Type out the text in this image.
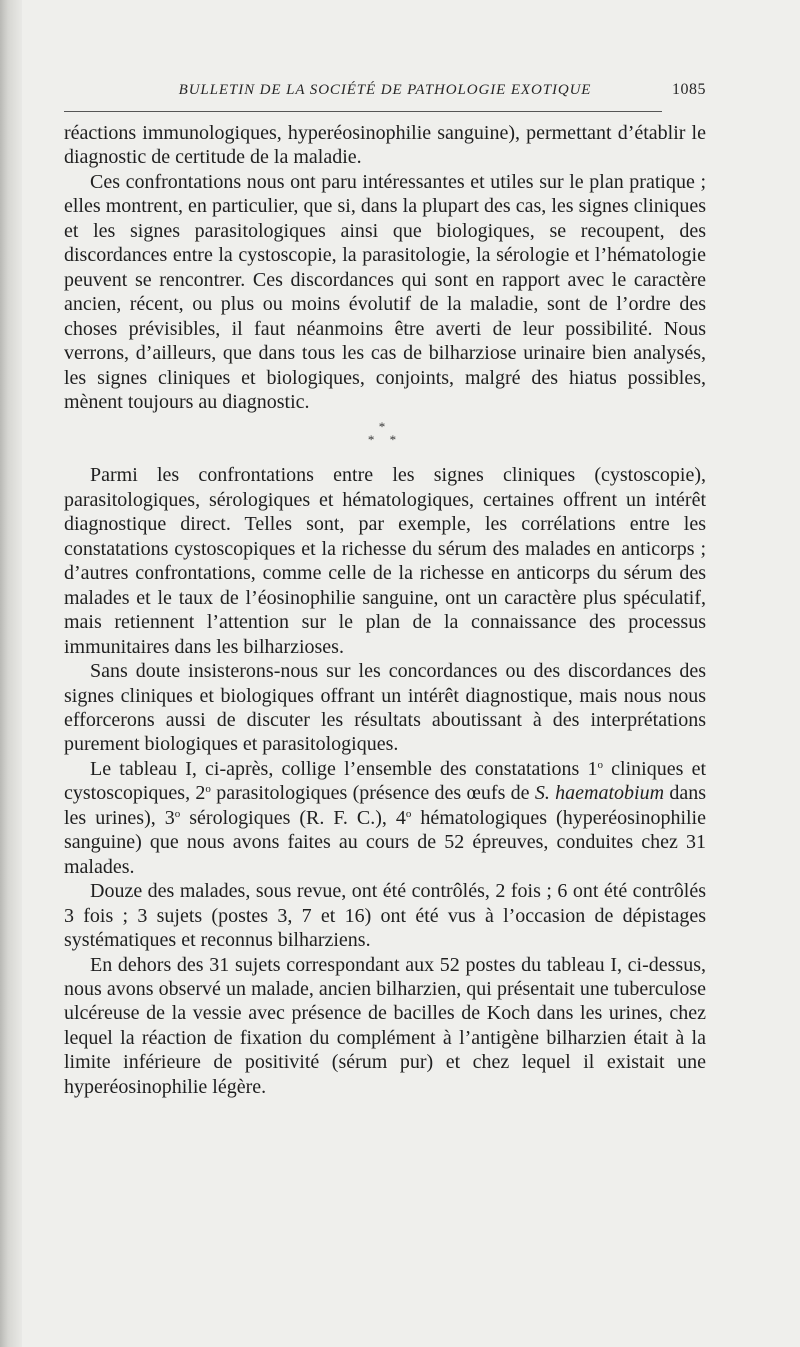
BULLETIN DE LA SOCIÉTÉ DE PATHOLOGIE EXOTIQUE	1085

réactions immunologiques, hyperéosinophilie sanguine), permettant d’établir le diagnostic de certitude de la maladie.

Ces confrontations nous ont paru intéressantes et utiles sur le plan pratique ; elles montrent, en particulier, que si, dans la plupart des cas, les signes cliniques et les signes parasitologiques ainsi que biologiques, se recoupent, des discordances entre la cystoscopie, la parasitologie, la sérologie et l’hématologie peuvent se rencontrer. Ces discordances qui sont en rapport avec le caractère ancien, récent, ou plus ou moins évolutif de la maladie, sont de l’ordre des choses prévisibles, il faut néanmoins être averti de leur possibilité. Nous verrons, d’ailleurs, que dans tous les cas de bilharziose urinaire bien analysés, les signes cliniques et biologiques, conjoints, malgré des hiatus possibles, mènent toujours au diagnostic.

*
* *

Parmi les confrontations entre les signes cliniques (cystoscopie), parasitologiques, sérologiques et hématologiques, certaines offrent un intérêt diagnostique direct. Telles sont, par exemple, les corrélations entre les constatations cystoscopiques et la richesse du sérum des malades en anticorps ; d’autres confrontations, comme celle de la richesse en anticorps du sérum des malades et le taux de l’éosinophilie sanguine, ont un caractère plus spéculatif, mais retiennent l’attention sur le plan de la connaissance des processus immunitaires dans les bilharzioses.

Sans doute insisterons-nous sur les concordances ou des discordances des signes cliniques et biologiques offrant un intérêt diagnostique, mais nous nous efforcerons aussi de discuter les résultats aboutissant à des interprétations purement biologiques et parasitologiques.

Le tableau I, ci-après, collige l’ensemble des constatations 1$^o$ cliniques et cystoscopiques, 2$^o$ parasitologiques (présence des œufs de S. haematobium dans les urines), 3$^o$ sérologiques (R. F. C.), 4$^o$ hématologiques (hyperéosinophilie sanguine) que nous avons faites au cours de 52 épreuves, conduites chez 31 malades.

Douze des malades, sous revue, ont été contrôlés, 2 fois ; 6 ont été contrôlés 3 fois ; 3 sujets (postes 3, 7 et 16) ont été vus à l’occasion de dépistages systématiques et reconnus bilharziens.

En dehors des 31 sujets correspondant aux 52 postes du tableau I, ci-dessus, nous avons observé un malade, ancien bilharzien, qui présentait une tuberculose ulcéreuse de la vessie avec présence de bacilles de Koch dans les urines, chez lequel la réaction de fixation du complément à l’antigène bilharzien était à la limite inférieure de positivité (sérum pur) et chez lequel il existait une hyperéosinophilie légère.
